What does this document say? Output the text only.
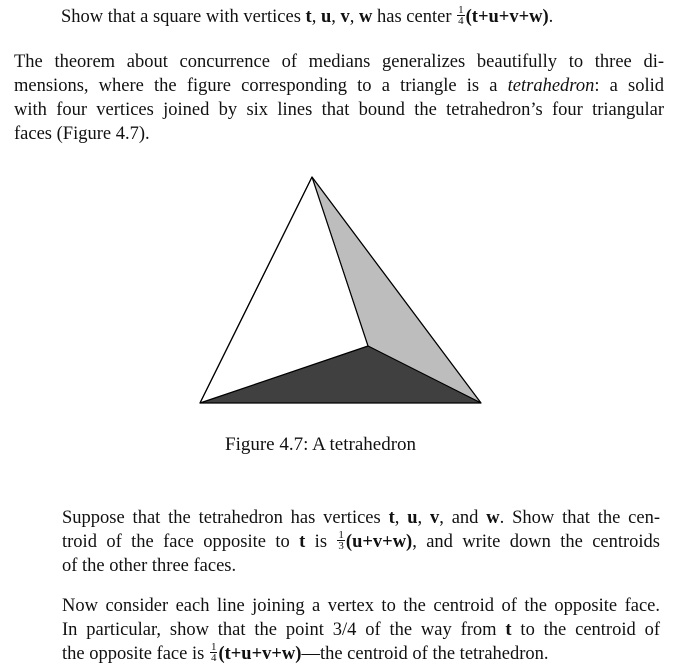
Show that a square with vertices t, u, v, w has center $\frac{1}{4} (t+u+v+w)$.

The theorem about concurrence of medians generalizes beautifully to three di-
mensions, where the figure corresponding to a triangle is a tetrahedron: a solid
with four vertices joined by six lines that bound the tetrahedron’s four triangular
faces (Figure 4.7).
Figure 4.7: A tetrahedron
Suppose that the tetrahedron has vertices t, u, v, and w. Show that the cen-
troid of the face opposite to t is $\frac{1}{3} (u+v+w)$, and write down the centroids
of the other three faces.
Now consider each line joining a vertex to the centroid of the opposite face.
In particular, show that the point 3/4 of the way from t to the centroid of
the opposite face is $\frac{1}{4}$ (t+u+v+w)—the centroid of the tetrahedron.
